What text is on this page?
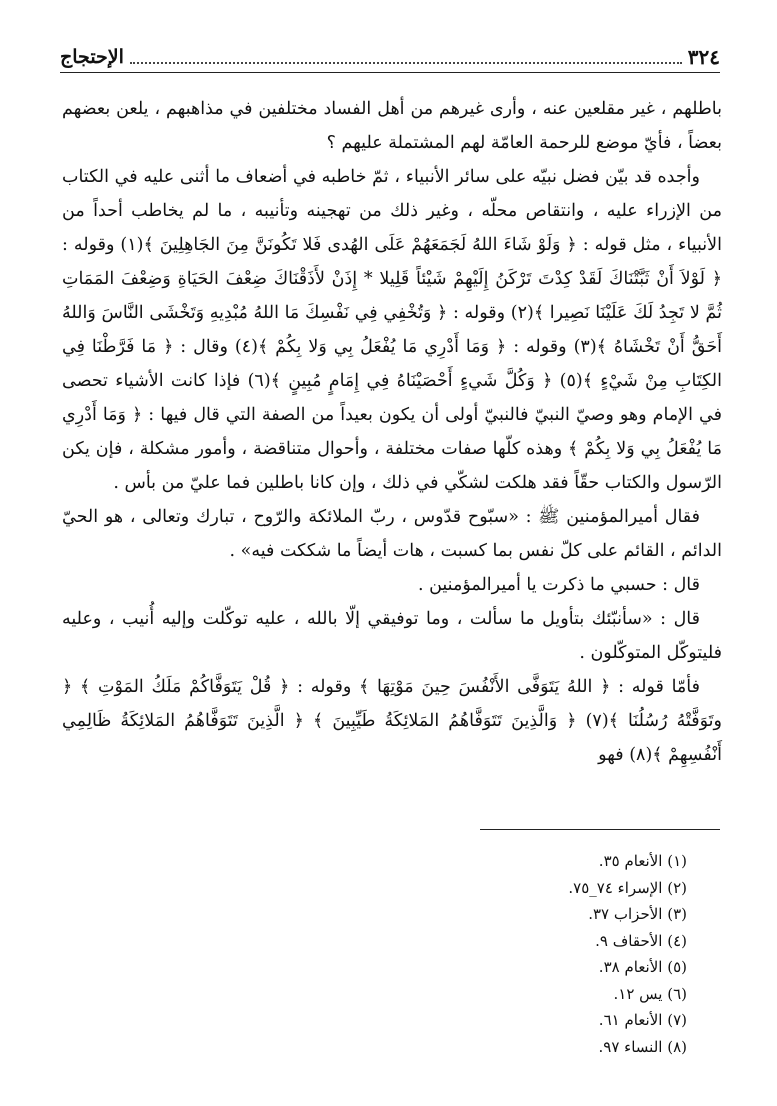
٣٢٤
الإحتجاج

باطلهم ، غير مقلعين عنه ، وأرى غيرهم من أهل الفساد مختلفين في مذاهبهم ، يلعن بعضهم بعضاً ، فأيّ موضع للرحمة العامّة لهم المشتملة عليهم ؟

وأجده قد بيّن فضل نبيّه على سائر الأنبياء ، ثمّ خاطبه في أضعاف ما أثنى عليه في الكتاب من الإزراء عليه ، وانتقاص محلّه ، وغير ذلك من تهجينه وتأنيبه ، ما لم يخاطب أحداً من الأنبياء ، مثل قوله : ﴿ وَلَوْ شَاءَ اللهُ لَجَمَعَهُمْ عَلَى الهُدى فَلا تَكُونَنَّ مِنَ الجَاهِلِينَ ﴾(١) وقوله : ﴿ لَوْلاَ أَنْ ثَبَّتْنَاكَ لَقَدْ كِدْتَ تَرْكَنُ إِلَيْهِمْ شَيْئاً قَلِيلا * إِذَنْ لأَذَقْنَاكَ ضِعْفَ الحَيَاةِ وَضِعْفَ المَمَاتِ ثُمَّ لا تَجِدُ لَكَ عَلَيْنَا نَصِيرا ﴾(٢) وقوله : ﴿ وَتُخْفِي فِي نَفْسِكَ مَا اللهُ مُبْدِيهِ وَتَخْشَى النَّاسَ وَاللهُ أَحَقُّ أَنْ تَخْشَاهُ ﴾(٣) وقوله : ﴿ وَمَا أَدْرِي مَا يُفْعَلُ بِي وَلا بِكُمْ ﴾(٤) وقال : ﴿ مَا فَرَّطْنَا فِي الكِتَابِ مِنْ شَيْءٍ ﴾(٥) ﴿ وَكُلَّ شَيءٍ أَحْصَيْنَاهُ فِي إِمَامٍ مُبِينٍ ﴾(٦) فإذا كانت الأشياء تحصى في الإمام وهو وصيّ النبيّ فالنبيّ أولى أن يكون بعيداً من الصفة التي قال فيها : ﴿ وَمَا أَدْرِي مَا يُفْعَلُ بِي وَلا بِكُمْ ﴾ وهذه كلّها صفات مختلفة ، وأحوال متناقضة ، وأمور مشكلة ، فإن يكن الرّسول والكتاب حقّاً فقد هلكت لشكّي في ذلك ، وإن كانا باطلين فما عليّ من بأس .

فقال أميرالمؤمنين ﷺ : «سبّوح قدّوس ، ربّ الملائكة والرّوح ، تبارك وتعالى ، هو الحيّ الدائم ، القائم على كلّ نفس بما كسبت ، هات أيضاً ما شككت فيه» .

قال : حسبي ما ذكرت يا أميرالمؤمنين .

قال : «سأنبّئك بتأويل ما سألت ، وما توفيقي إلّا بالله ، عليه توكّلت وإليه أُنيب ، وعليه فليتوكّل المتوكّلون .

فأمّا قوله : ﴿ اللهُ يَتَوَفَّى الأَنْفُسَ حِينَ مَوْتِهَا ﴾ وقوله : ﴿ قُلْ يَتَوَفَّاكُمْ مَلَكُ المَوْتِ ﴾ ﴿ وتَوَفَّتْهُ رُسُلُنَا ﴾(٧) ﴿ وَالَّذِينَ تَتَوَفَّاهُمُ المَلائِكَةُ طَيِّبِينَ ﴾ ﴿ الَّذِينَ تَتَوَفَّاهُمُ المَلائِكَةُ ظَالِمِي أَنْفُسِهِمْ ﴾(٨) فهو

(١) الأنعام ٣٥.
(٢) الإسراء ٧٤_٧٥.
(٣) الأحزاب ٣٧.
(٤) الأحقاف ٩.
(٥) الأنعام ٣٨.
(٦) يس ١٢.
(٧) الأنعام ٦١.
(٨) النساء ٩٧.
